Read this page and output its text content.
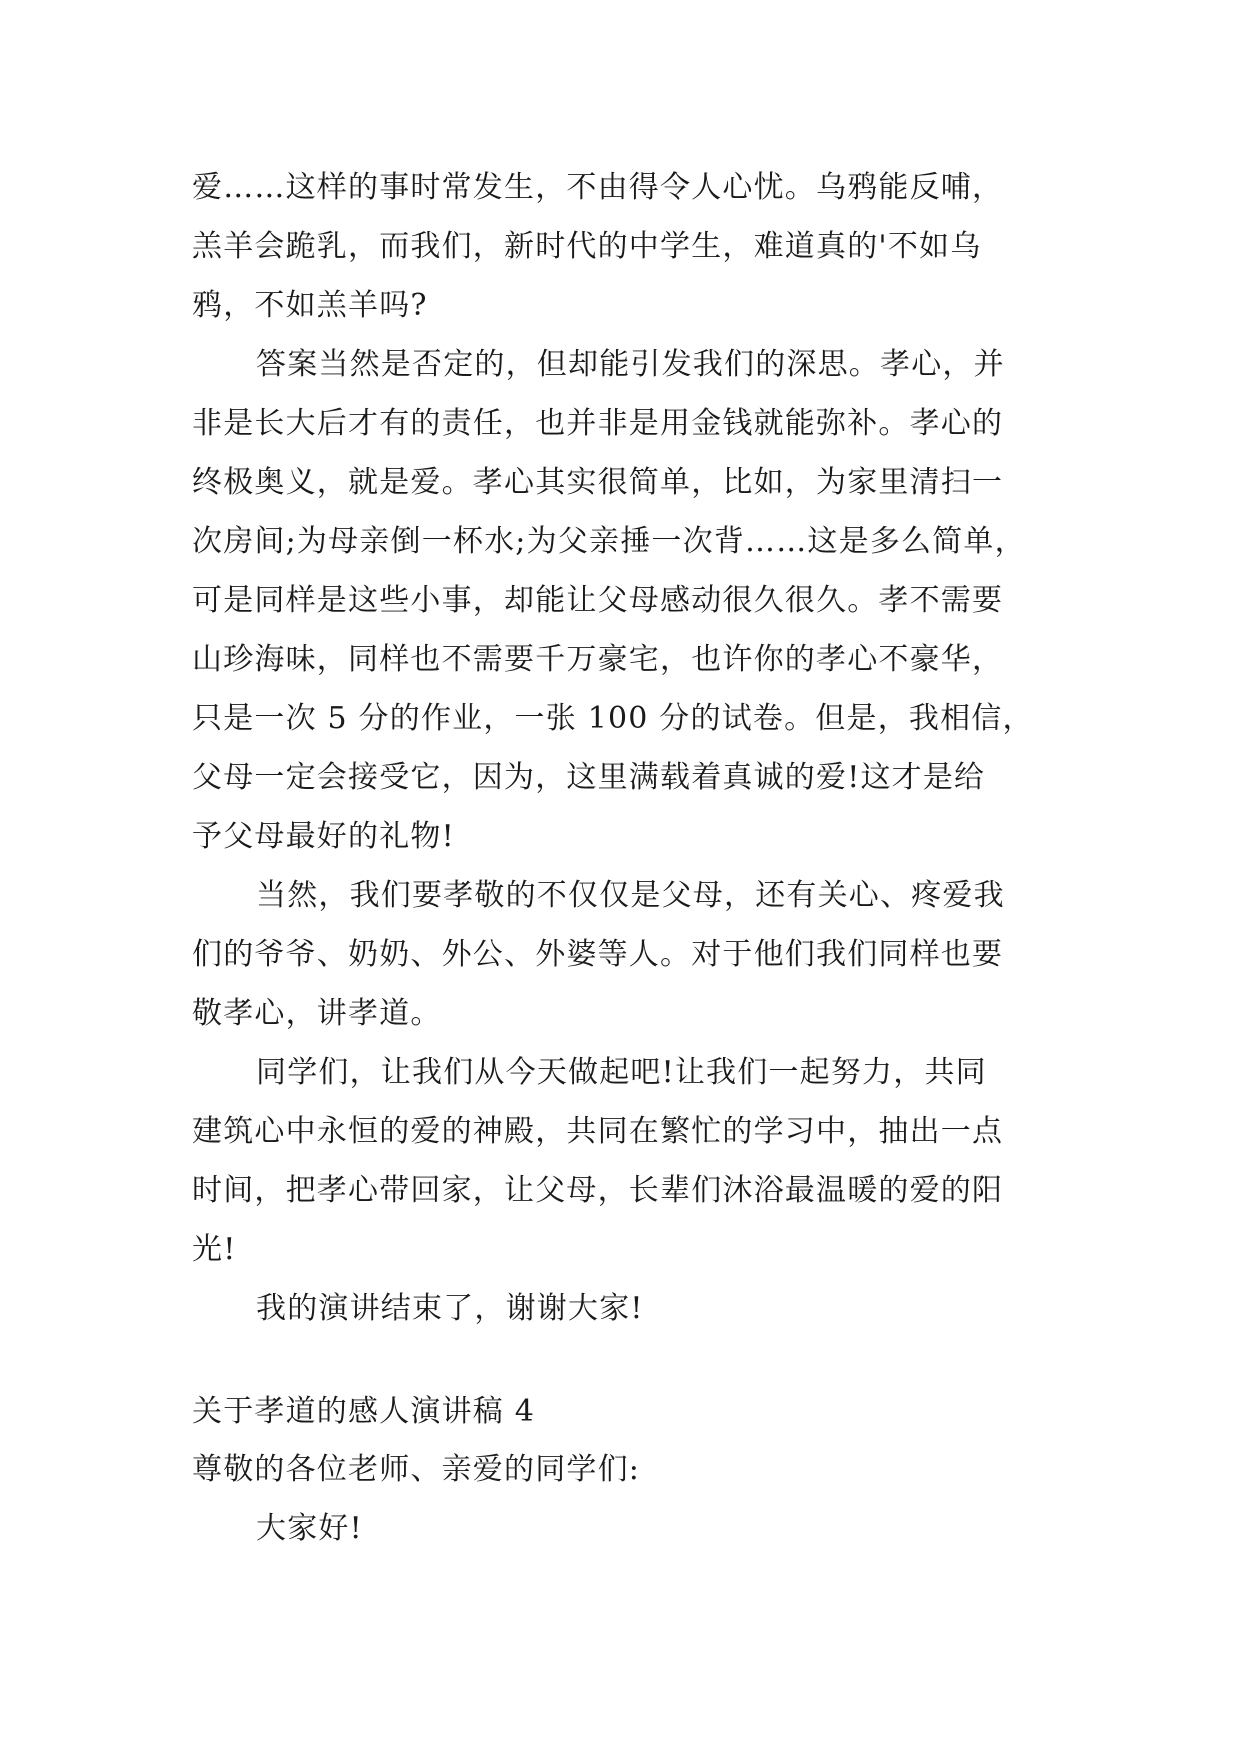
爱……这样的事时常发生，不由得令人心忧。乌鸦能反哺，
羔羊会跪乳，而我们，新时代的中学生，难道真的'不如乌
鸦，不如羔羊吗?
答案当然是否定的，但却能引发我们的深思。孝心，并
非是长大后才有的责任，也并非是用金钱就能弥补。孝心的
终极奥义，就是爱。孝心其实很简单，比如，为家里清扫一
次房间;为母亲倒一杯水;为父亲捶一次背……这是多么简单，
可是同样是这些小事，却能让父母感动很久很久。孝不需要
山珍海味，同样也不需要千万豪宅，也许你的孝心不豪华，
只是一次 5 分的作业，一张 100 分的试卷。但是，我相信，
父母一定会接受它，因为，这里满载着真诚的爱!这才是给
予父母最好的礼物!
当然，我们要孝敬的不仅仅是父母，还有关心、疼爱我
们的爷爷、奶奶、外公、外婆等人。对于他们我们同样也要
敬孝心，讲孝道。
同学们，让我们从今天做起吧!让我们一起努力，共同
建筑心中永恒的爱的神殿，共同在繁忙的学习中，抽出一点
时间，把孝心带回家，让父母，长辈们沐浴最温暖的爱的阳
光!
我的演讲结束了，谢谢大家!
关于孝道的感人演讲稿 4
尊敬的各位老师、亲爱的同学们:
大家好!
